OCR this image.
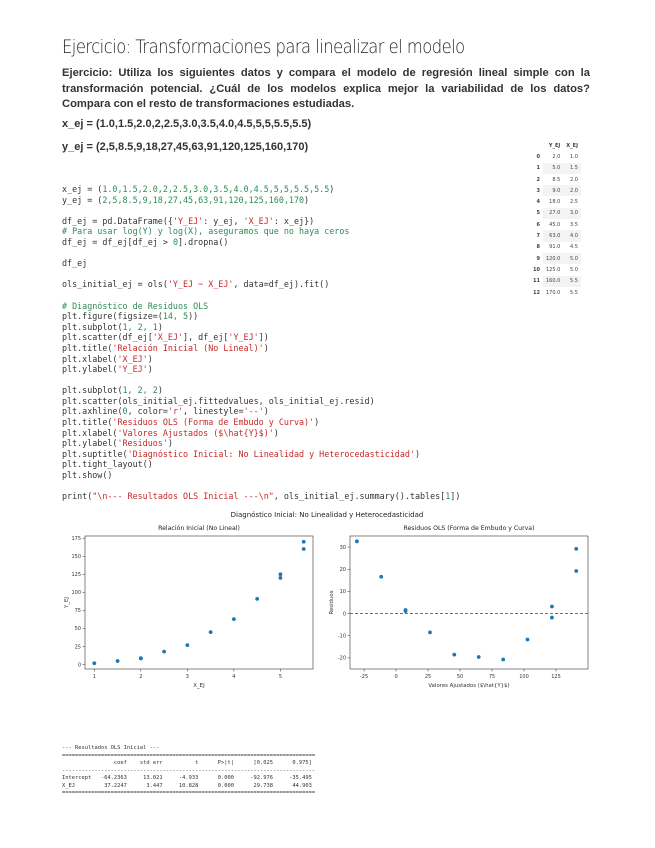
Ejercicio: Transformaciones para linealizar el modelo
Ejercicio: Utiliza los siguientes datos y compara el modelo de regresión lineal simple con la transformación potencial. ¿Cuál de los modelos explica mejor la variabilidad de los datos? Compara con el resto de transformaciones estudiadas.
x_ej = (1.0,1.5,2.0,2,2.5,3.0,3.5,4.0,4.5,5,5,5.5,5.5)
y_ej = (2,5,8.5,9,18,27,45,63,91,120,125,160,170)
		Y_EJ	X_EJ
0	2.0	1.0
1	5.0	1.5
2	8.5	2.0
3	9.0	2.0
4	18.0	2.5
5	27.0	3.0
6	45.0	3.5
7	63.0	4.0
8	91.0	4.5
9	120.0	5.0
10	125.0	5.0
11	160.0	5.5
12	170.0	5.5
x_ej = (1.0,1.5,2.0,2,2.5,3.0,3.5,4.0,4.5,5,5,5.5,5.5)
y_ej = (2,5,8.5,9,18,27,45,63,91,120,125,160,170)

df_ej = pd.DataFrame({'Y_EJ': y_ej, 'X_EJ': x_ej})
# Para usar log(Y) y log(X), aseguramos que no haya ceros
df_ej = df_ej[df_ej > 0].dropna()

df_ej

ols_initial_ej = ols('Y_EJ ~ X_EJ', data=df_ej).fit()

# Diagnóstico de Residuos OLS
plt.figure(figsize=(14, 5))
plt.subplot(1, 2, 1)
plt.scatter(df_ej['X_EJ'], df_ej['Y_EJ'])
plt.title('Relación Inicial (No Lineal)')
plt.xlabel('X_EJ')
plt.ylabel('Y_EJ')

plt.subplot(1, 2, 2)
plt.scatter(ols_initial_ej.fittedvalues, ols_initial_ej.resid)
plt.axhline(0, color='r', linestyle='--')
plt.title('Residuos OLS (Forma de Embudo y Curva)')
plt.xlabel('Valores Ajustados ($\hat{Y}$)')
plt.ylabel('Residuos')
plt.suptitle('Diagnóstico Inicial: No Linealidad y Heterocedasticidad')
plt.tight_layout()
plt.show()

print("\n--- Resultados OLS Inicial ---\n", ols_initial_ej.summary().tables[1])
Diagnóstico Inicial: No Linealidad y Heterocedasticidad
Relación Inicial (No Lineal)
1	2	3	4	5
0
25
50
75
100
125
150
175
X_EJ
Y_EJ
Residuos OLS (Forma de Embudo y Curva)
-25	0	25	50	75	100	125
-20
-10
0
10
20
30
Valores Ajustados ($\hat{Y}$)
Residuos
--- Resultados OLS Inicial ---
==============================================================================
coef    std err          t      P>|t|      [0.025      0.975]
------------------------------------------------------------------------------
Intercept   -64.2363     13.021     -4.933      0.000     -92.976     -35.495
X_EJ         37.2247      3.447     10.828      0.000      29.738      44.903
==============================================================================
